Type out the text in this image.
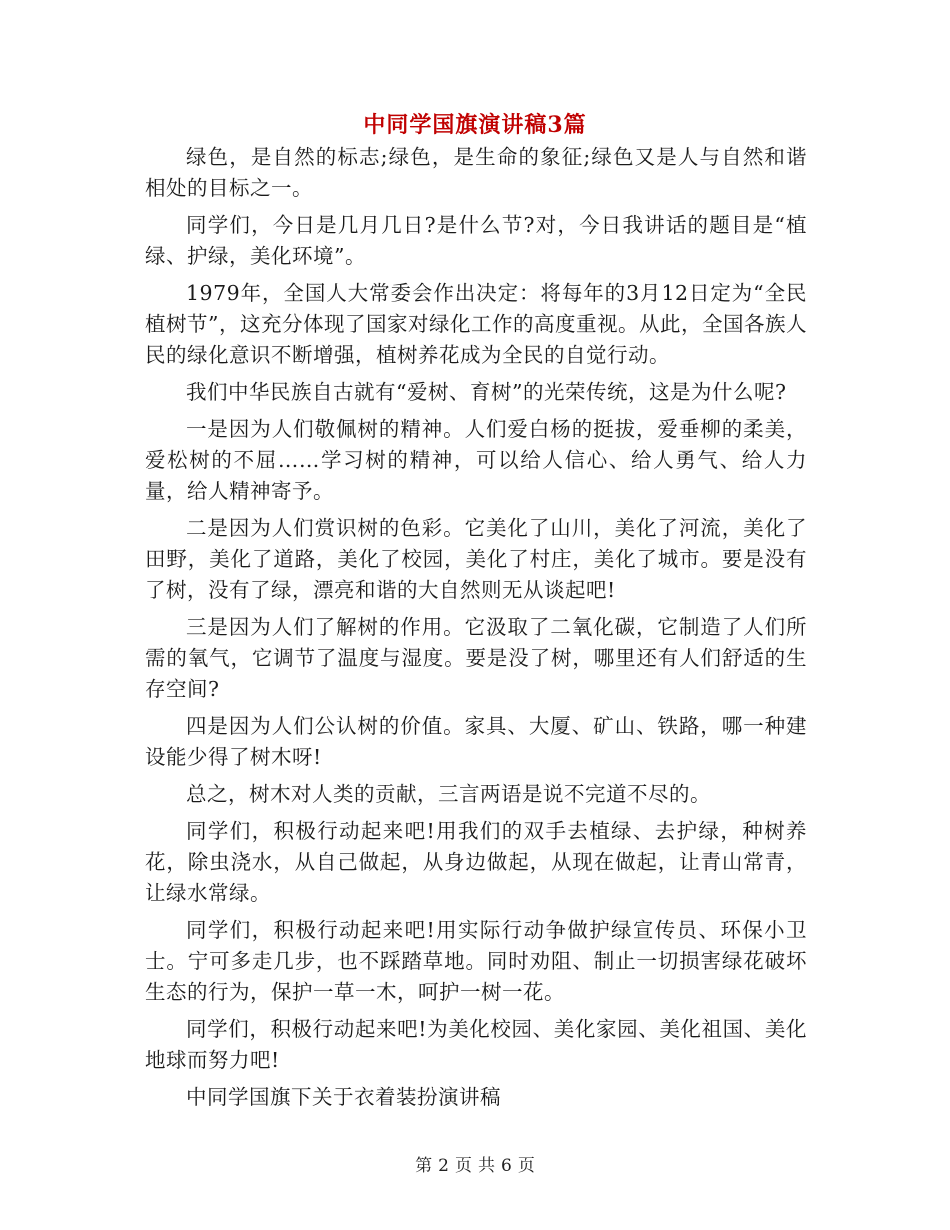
中同学国旗演讲稿3篇

绿色，是自然的标志;绿色，是生命的象征;绿色又是人与自然和谐相处的目标之一。

同学们，今日是几月几日?是什么节?对，今日我讲话的题目是“植绿、护绿，美化环境”。

1979年，全国人大常委会作出决定：将每年的3月12日定为“全民植树节”，这充分体现了国家对绿化工作的高度重视。从此，全国各族人民的绿化意识不断增强，植树养花成为全民的自觉行动。

我们中华民族自古就有“爱树、育树”的光荣传统，这是为什么呢?

一是因为人们敬佩树的精神。人们爱白杨的挺拔，爱垂柳的柔美，爱松树的不屈……学习树的精神，可以给人信心、给人勇气、给人力量，给人精神寄予。

二是因为人们赏识树的色彩。它美化了山川，美化了河流，美化了田野，美化了道路，美化了校园，美化了村庄，美化了城市。要是没有了树，没有了绿，漂亮和谐的大自然则无从谈起吧!

三是因为人们了解树的作用。它汲取了二氧化碳，它制造了人们所需的氧气，它调节了温度与湿度。要是没了树，哪里还有人们舒适的生存空间?

四是因为人们公认树的价值。家具、大厦、矿山、铁路，哪一种建设能少得了树木呀!

总之，树木对人类的贡献，三言两语是说不完道不尽的。

同学们，积极行动起来吧!用我们的双手去植绿、去护绿，种树养花，除虫浇水，从自己做起，从身边做起，从现在做起，让青山常青，让绿水常绿。

同学们，积极行动起来吧!用实际行动争做护绿宣传员、环保小卫士。宁可多走几步，也不踩踏草地。同时劝阻、制止一切损害绿花破坏生态的行为，保护一草一木，呵护一树一花。

同学们，积极行动起来吧!为美化校园、美化家园、美化祖国、美化地球而努力吧!

中同学国旗下关于衣着装扮演讲稿

第 2 页 共 6 页
